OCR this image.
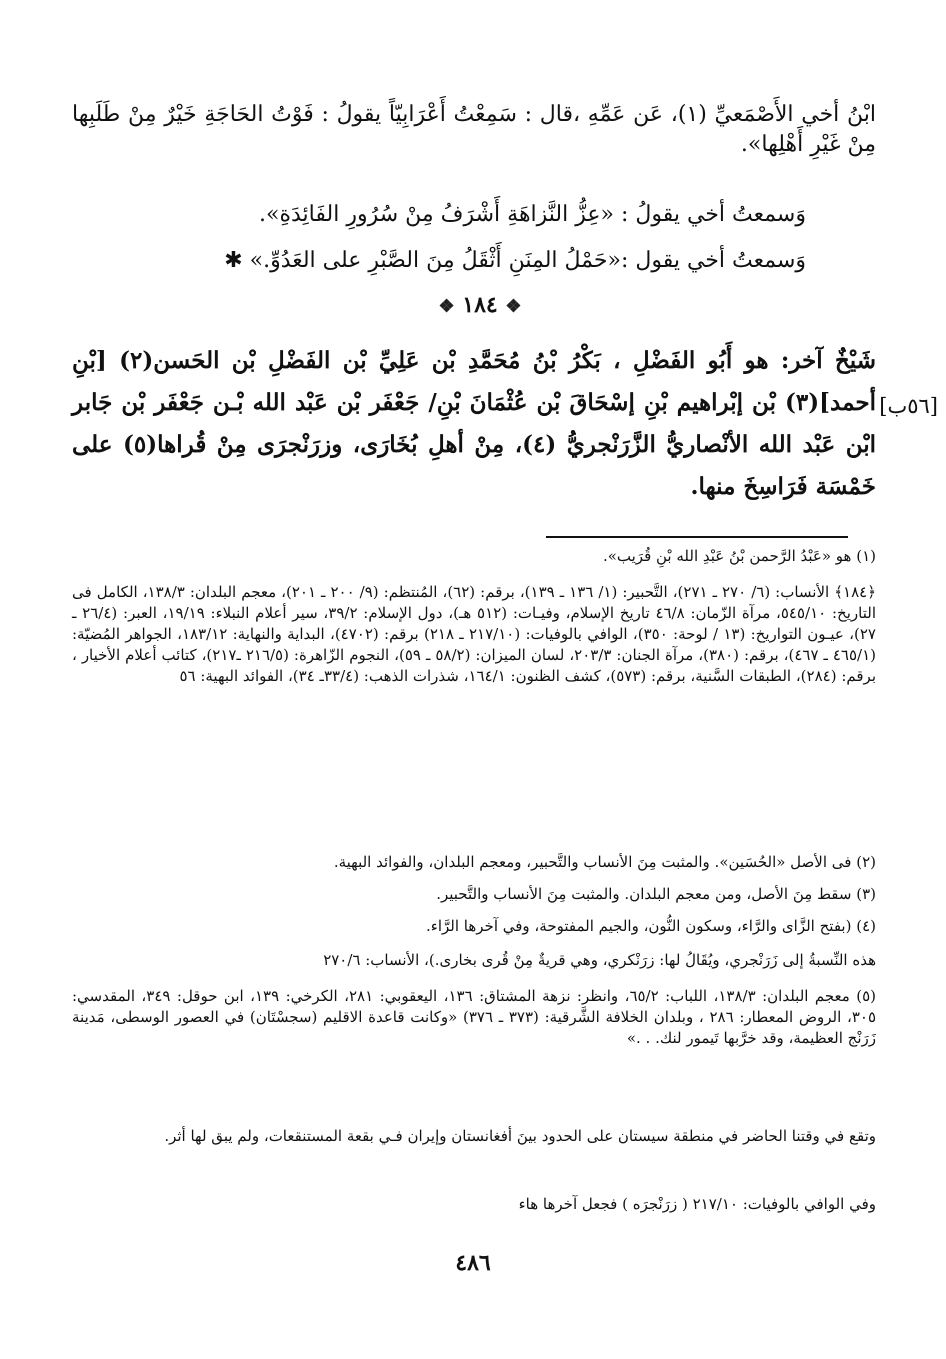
ابْنُ أخي الأَصْمَعيِّ (١)، عَن عَمِّهِ ،قال : سَمِعْتُ أَعْرَابِيّاً يقولُ : فَوْتُ الحَاجَةِ خَيْرٌ مِنْ طَلَبِها مِنْ غَيْرِ أَهْلِها».
وَسمعتُ أخي يقولُ : «عِزُّ النَّزاهَةِ أَشْرَفُ مِنْ سُرُورِ الفَائِدَةِ».
وَسمعتُ أخي يقول :«حَمْلُ المِنَنِ أَثْقَلُ مِنَ الصَّبْرِ على العَدُوِّ.» ✱
❖ ١٨٤ ❖
شَيْخٌ آخر: هو أَبُو الفَضْلِ ، بَكْرُ بْنُ مُحَمَّدِ بْن عَلِيِّ بْن الفَضْلِ بْن الحَسن(٢) [بْنِ أحمد](٣) بْن إبْراهيم بْنِ إسْحَاقَ بْن عُثْمَانَ بْنِ/ جَعْفَر بْن عَبْد الله بْـن جَعْفَر بْن جَابر ابْن عَبْد الله الأنْصاريُّ الزَّرَنْجريُّ (٤)، مِنْ أهلِ بُخَارَى، وزرَنْجرَى مِنْ قُراها(٥) على خَمْسَة فَرَاسِخَ منها.
[٥٦ب]
(١) هو «عَبْدُ الرَّحمن بْنُ عَبْدِ الله بْنِ قُرَيب».
﴿١٨٤﴾ الأنساب: (٦/ ٢٧٠ ـ ٢٧١)، التَّحبير: (١/ ١٣٦ ـ ١٣٩)، برقم: (٦٢)، المُنتظم: (٩/ ٢٠٠ ـ ٢٠١)، معجم البلدان: ١٣٨/٣، الكامل فى التاريخ: ٥٤٥/١٠، مرآة الزّمان: ٤٦/٨ تاريخ الإسلام، وفيـات: (٥١٢ هـ)، دول الإسلام: ٣٩/٢، سير أعلام النبلاء: ١٩/١٩، العبر: (٢٦/٤ ـ ٢٧)، عيـون التواريخ: (١٣ / لوحة: ٣٥٠)، الوافي بالوفيات: (٢١٧/١٠ ـ ٢١٨) برقم: (٤٧٠٢)، البداية والنهاية: ١٨٣/١٢، الجواهر المُضيّة: (٤٦٥/١ ـ ٤٦٧)، برقم: (٣٨٠)، مرآة الجنان: ٢٠٣/٣، لسان الميزان: (٥٨/٢ ـ ٥٩)، النجوم الزّاهرة: (٢١٦/٥ ـ٢١٧)، كتائب أعلام الأخيار ، برقم: (٢٨٤)، الطبقات السَّنية، برقم: (٥٧٣)، كشف الظنون: ١٦٤/١، شذرات الذهب: (٣٣/٤ـ ٣٤)، الفوائد البهية: ٥٦
(٢) فى الأصل «الحُسَين». والمثبت مِنَ الأنساب والتَّحبير، ومعجم البلدان، والفوائد البهية.
(٣) سقط مِنَ الأصل، ومن معجم البلدان. والمثبت مِنَ الأنساب والتَّحبير.
(٤) (بفتح الزَّاى والرَّاء، وسكون النُّون، والجيم المفتوحة، وفي آخرها الرَّاء.
هذه النِّسبةُ إلى زَرَنْجري، ويُقَالُ لها: زرَنْكري، وهي قريةٌ مِنْ قُرى بخارى.)، الأنساب: ٢٧٠/٦
(٥) معجم البلدان: ١٣٨/٣، اللباب: ٦٥/٢، وانظر: نزهة المشتاق: ١٣٦، اليعقوبي: ٢٨١، الكرخي: ١٣٩، ابن حوقل: ٣٤٩، المقدسي: ٣٠٥، الروض المعطار: ٢٨٦ ، وبلدان الخلافة الشَّرقية: (٣٧٣ ـ ٣٧٦) «وكانت قاعدة الاقليم (سجسْتَان) في العصور الوسطى، مَدينة زَرَنْج العظيمة، وقد خرَّبها تَيمور لنك. . .»
وتقع في وقتنا الحاضر في منطقة سيستان على الحدود بينَ أفغانستان وإيران فـي بقعة المستنقعات، ولم يبق لها أثر.
وفي الوافي بالوفيات: ٢١٧/١٠ ( زرَنْجرَه ) فجعل آخرها هاء
٤٨٦
